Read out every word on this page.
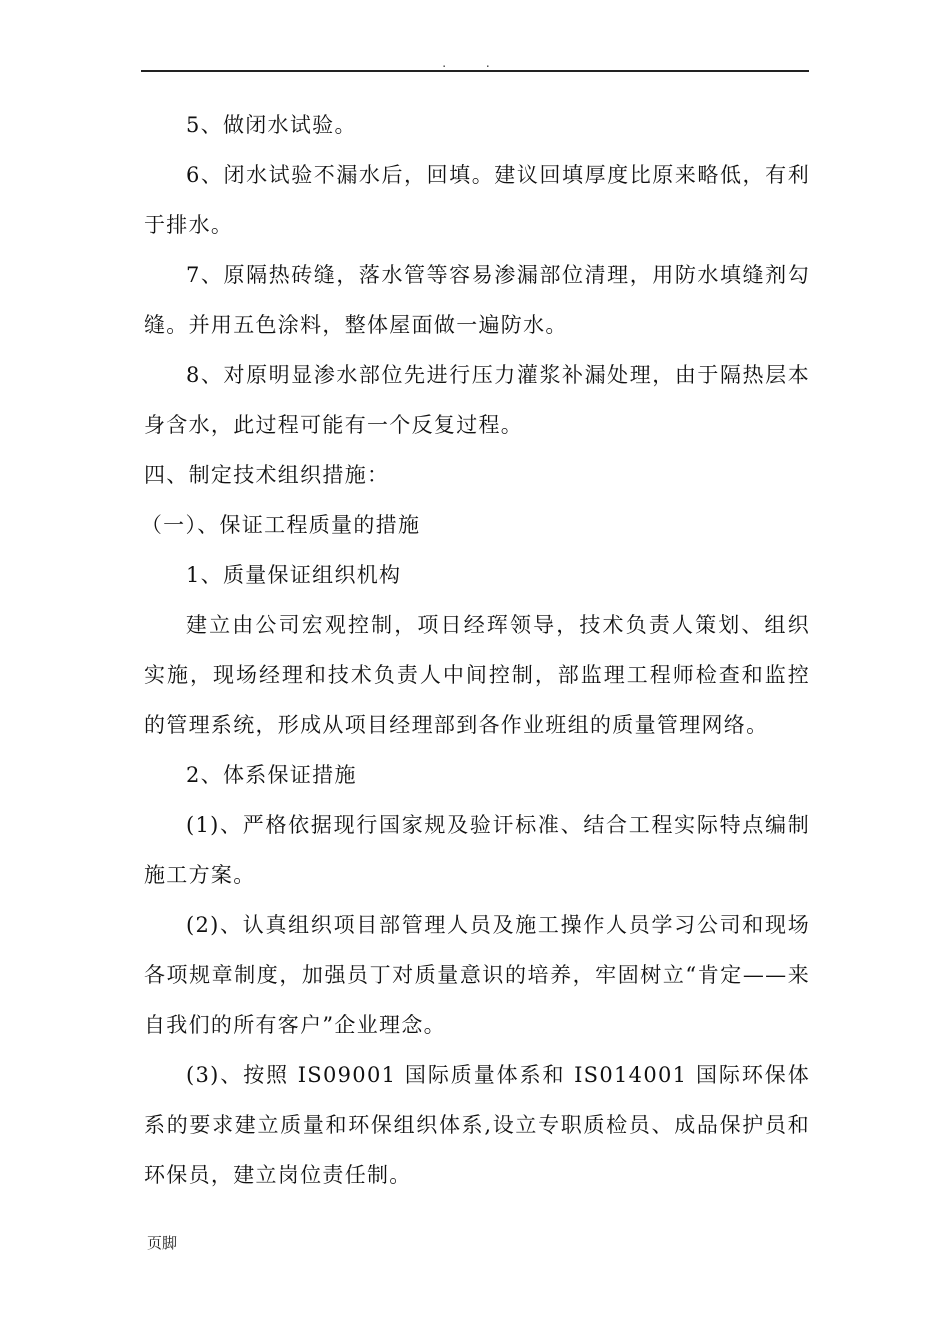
. .

5、做闭水试验。

6、闭水试验不漏水后，回填。建议回填厚度比原来略低，有利于排水。

7、原隔热砖缝，落水管等容易渗漏部位清理，用防水填缝剂勾缝。并用五色涂料，整体屋面做一遍防水。

8、对原明显渗水部位先进行压力灌浆补漏处理，由于隔热层本身含水，此过程可能有一个反复过程。

四、制定技术组织措施：

（一）、保证工程质量的措施

1、质量保证组织机构

建立由公司宏观控制，项日经珲领导，技术负责人策划、组织实施，现场经理和技术负责人中间控制，部监理工程师检查和监控的管理系统，形成从项目经理部到各作业班组的质量管理网络。

2、体系保证措施

(1)、严格依据现行国家规及验讦标准、结合工程实际特点编制施工方案。

(2)、认真组织项目部管理人员及施工操作人员学习公司和现场各项规章制度，加强员丁对质量意识的培养，牢固树立“肯定——来自我们的所有客户”企业理念。

(3)、按照 IS09001 国际质量体系和 IS014001 国际环保体系的要求建立质量和环保组织体系,设立专职质检员、成品保护员和环保员，建立岗位责任制。

页脚
